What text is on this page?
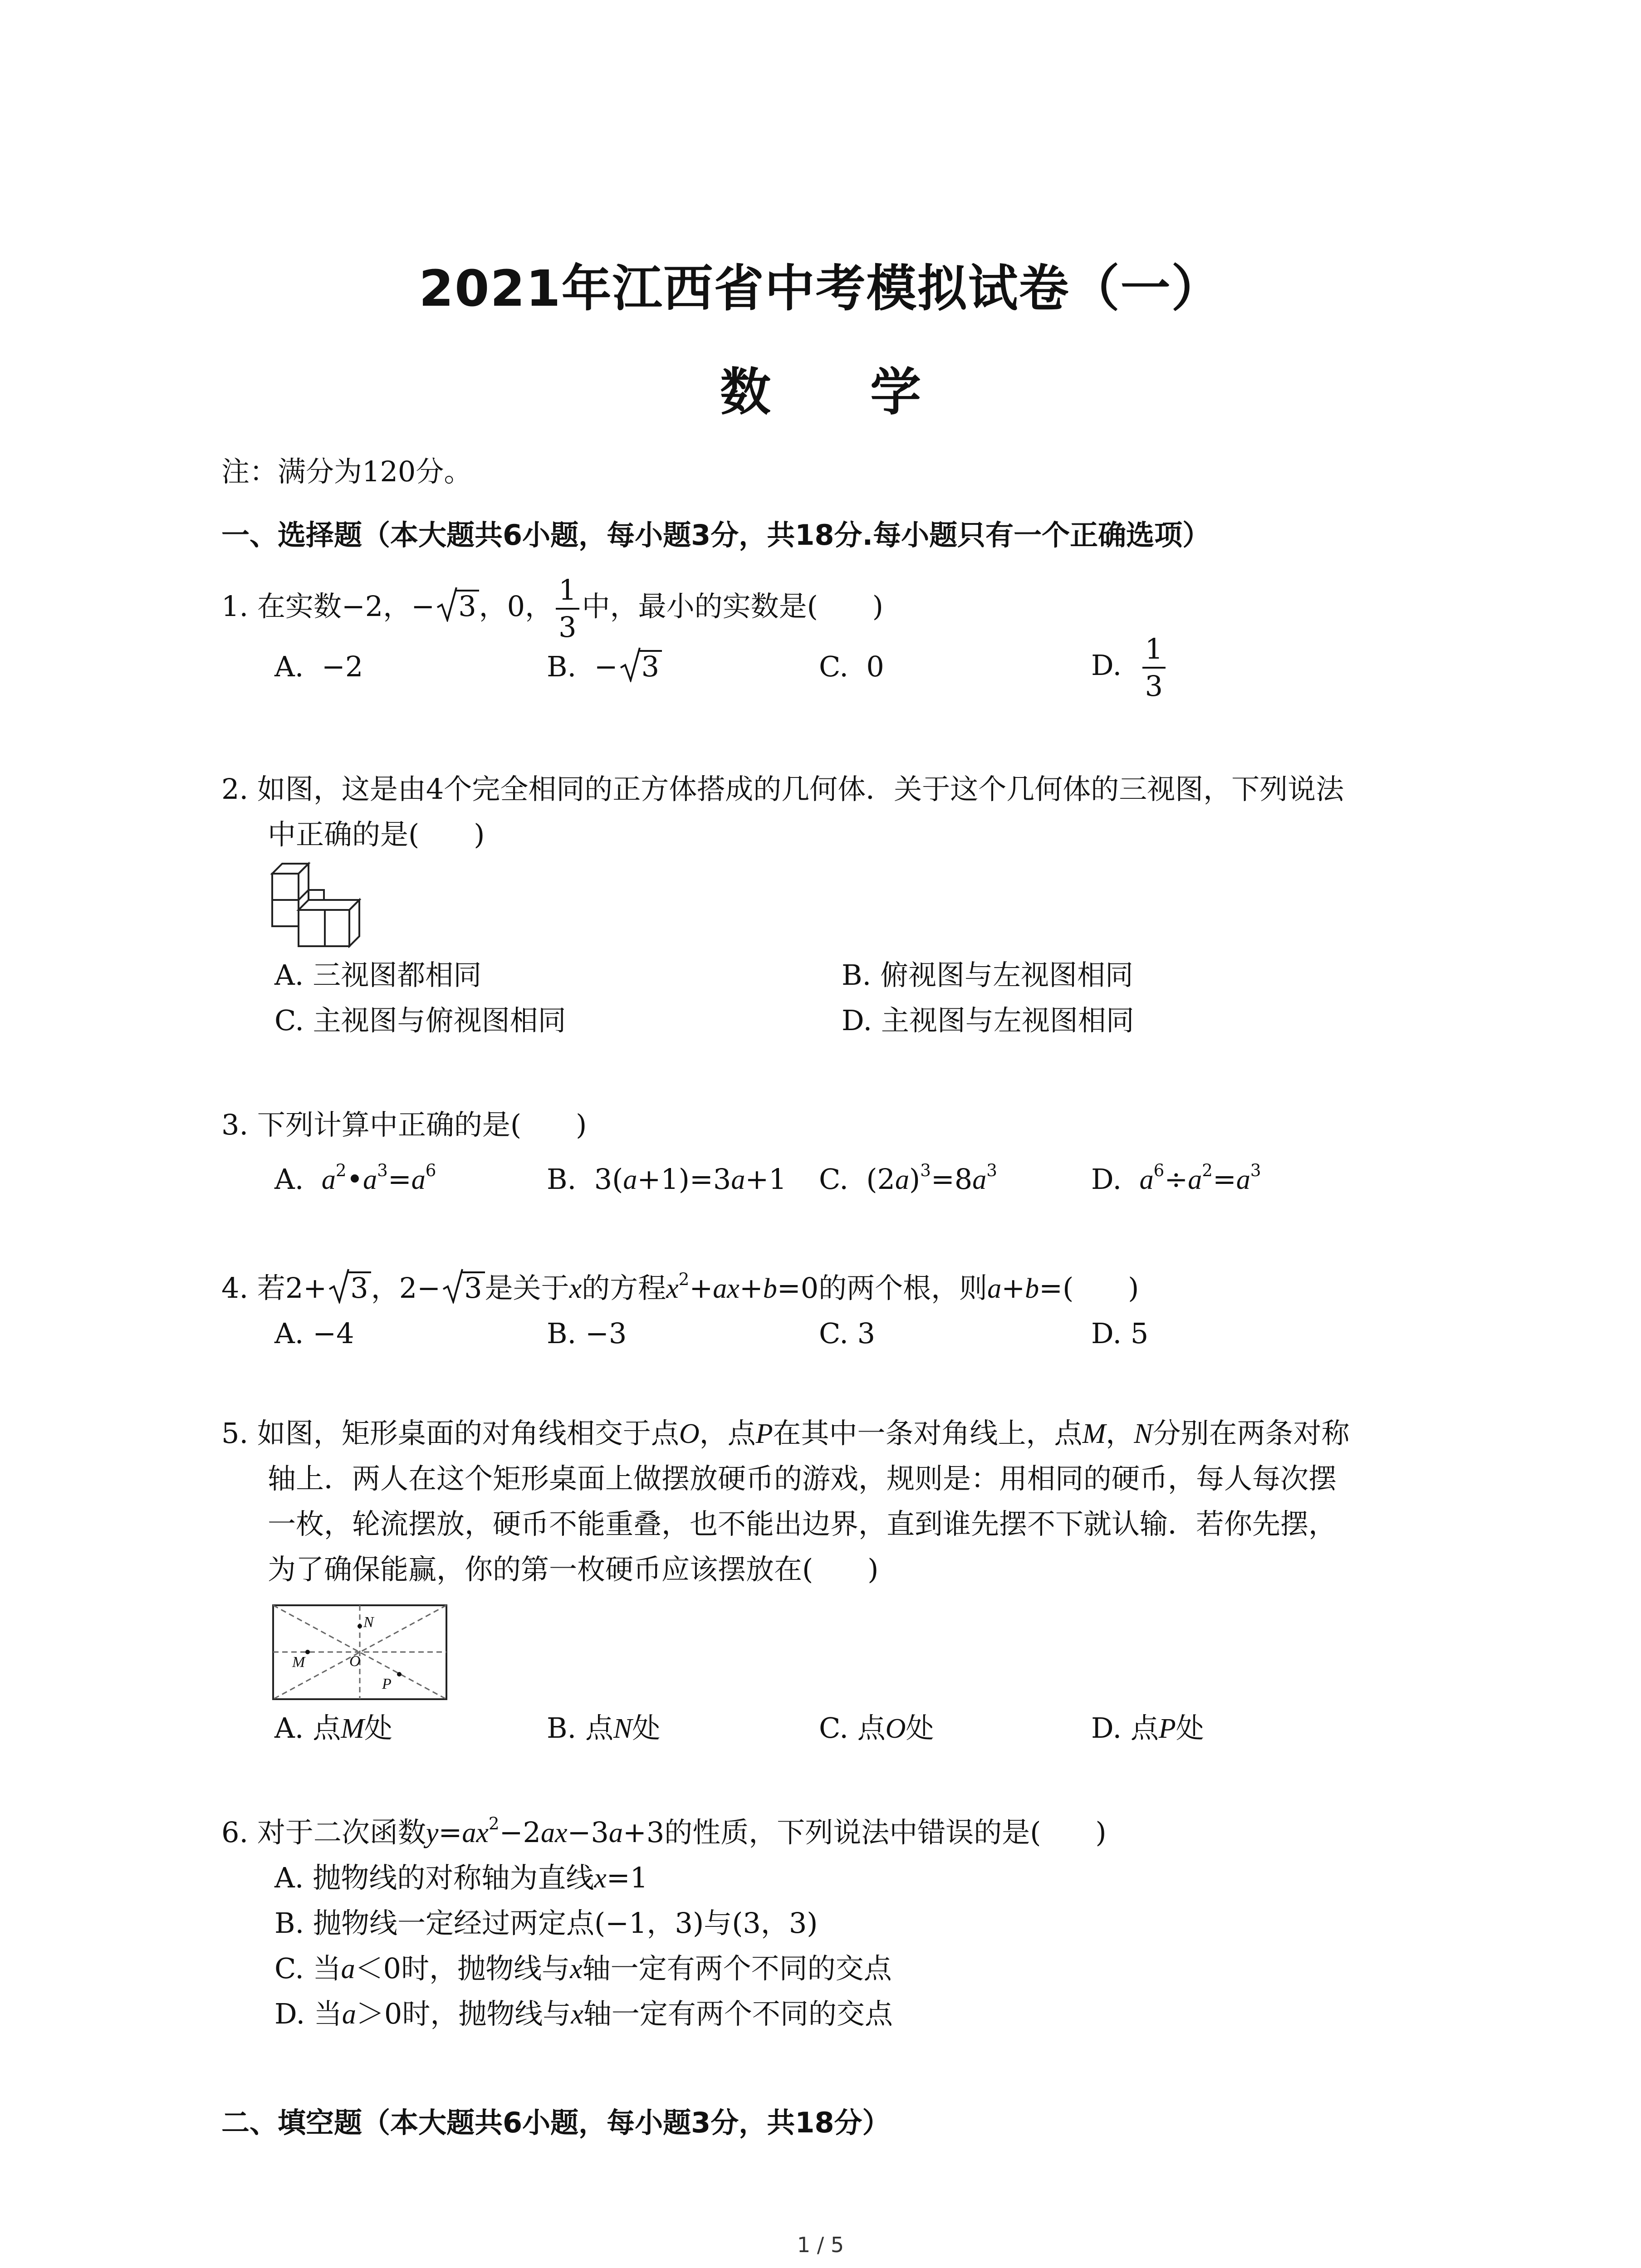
2021年江西省中考模拟试卷（一）
数 学
注：满分为120分。
一、选择题（本大题共6小题，每小题3分，共18分.每小题只有一个正确选项）
1. 在实数−2，− 3，0， $\frac{1}{3}$ 中，最小的实数是( )
A. −2	B. − 3	C. 0	D. $\frac{1}{3}$
2. 如图，这是由4个完全相同的正方体搭成的几何体．关于这个几何体的三视图，下列说法
中正确的是( )
A. 三视图都相同	B. 俯视图与左视图相同
C. 主视图与俯视图相同	D. 主视图与左视图相同
3. 下列计算中正确的是( )
A. $a^2•a^3=a^6$	B. 3(a+1)=3a+1 C. $(2a)^3=8a^3$	D. $a^6\div a^2=a^3$
4. 若2+ 3，2− 3是关于x的方程$x^2+ax+b=0$的两个根，则a+b=( )
A. −4	B. −3	C. 3	D. 5
5. 如图，矩形桌面的对角线相交于点O，点P在其中一条对角线上，点M，N分别在两条对称
轴上．两人在这个矩形桌面上做摆放硬币的游戏，规则是：用相同的硬币，每人每次摆
一枚，轮流摆放，硬币不能重叠，也不能出边界，直到谁先摆不下就认输．若你先摆，
为了确保能赢，你的第一枚硬币应该摆放在( )
N
M	O
P
A. 点M处	B. 点N处	C. 点O处	D. 点P处
6. 对于二次函数$y=ax^2-2ax-3a+3$的性质，下列说法中错误的是( )
A. 抛物线的对称轴为直线x=1
B. 抛物线一定经过两定点(−1，3)与(3，3)
C. 当a＜0时，抛物线与x轴一定有两个不同的交点
D. 当a＞0时，抛物线与x轴一定有两个不同的交点
二、填空题（本大题共6小题，每小题3分，共18分）
1 / 5
